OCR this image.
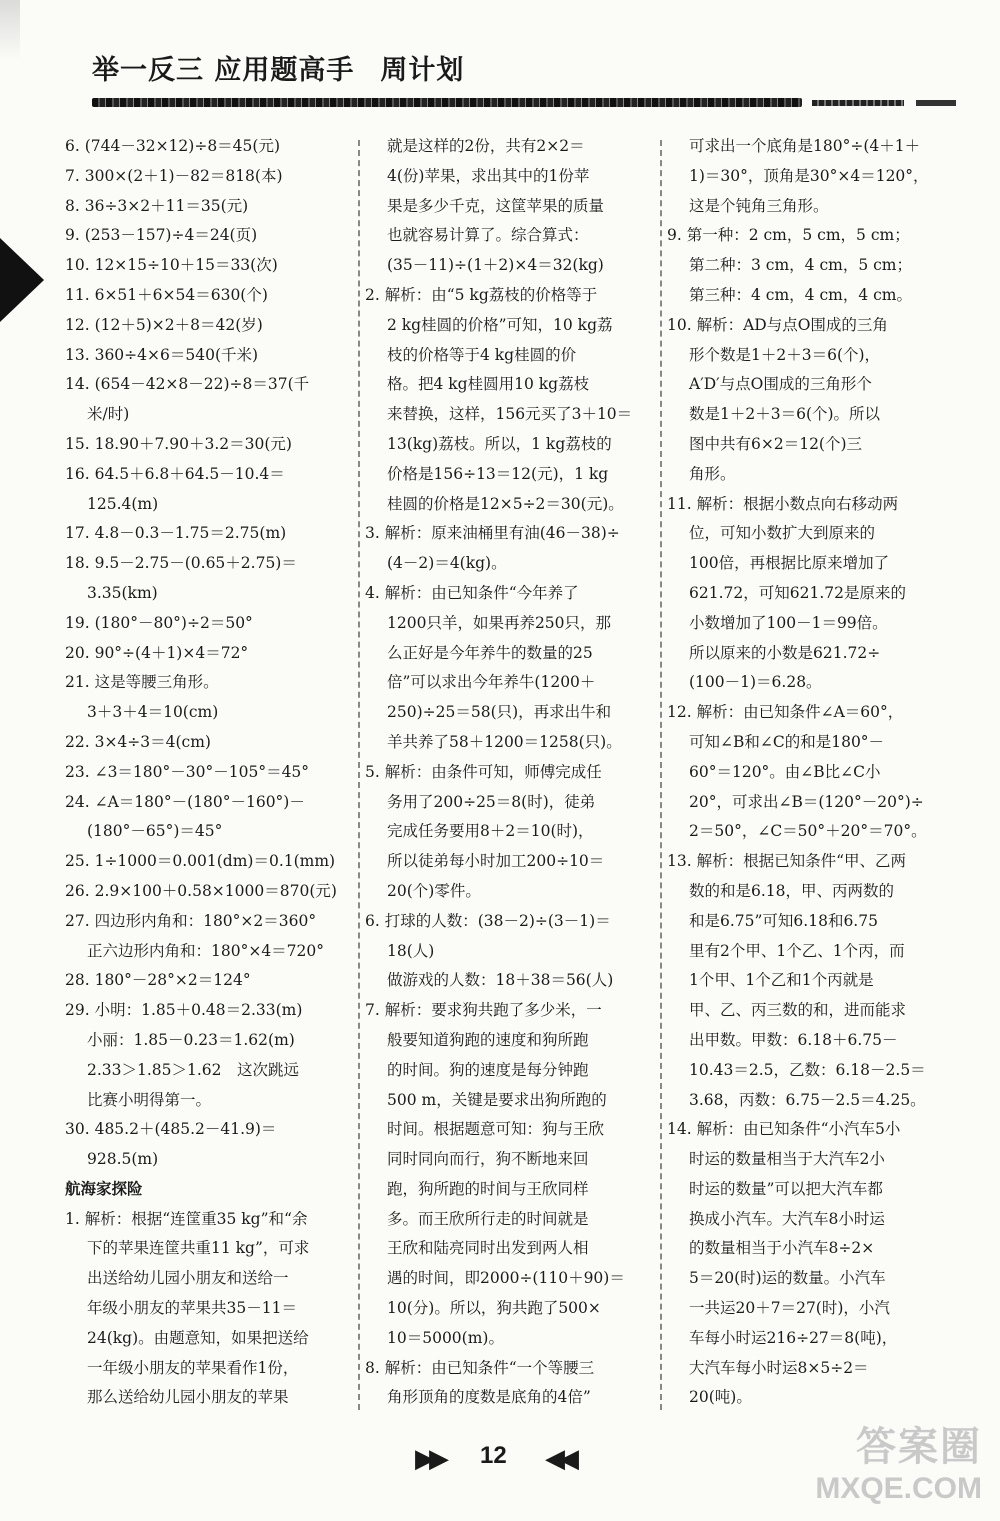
举一反三 应用题高手 周计划
6. (744－32×12)÷8＝45(元)
7. 300×(2＋1)－82＝818(本)
8. 36÷3×2＋11＝35(元)
9. (253－157)÷4＝24(页)
10. 12×15÷10＋15＝33(次)
11. 6×51＋6×54＝630(个)
12. (12＋5)×2＋8＝42(岁)
13. 360÷4×6＝540(千米)
14. (654－42×8－22)÷8＝37(千
米/时)
15. 18.90＋7.90＋3.2＝30(元)
16. 64.5＋6.8＋64.5－10.4＝
125.4(m)
17. 4.8－0.3－1.75＝2.75(m)
18. 9.5－2.75－(0.65＋2.75)＝
3.35(km)
19. (180°－80°)÷2＝50°
20. 90°÷(4＋1)×4＝72°
21. 这是等腰三角形。
3＋3＋4＝10(cm)
22. 3×4÷3＝4(cm)
23. ∠3＝180°－30°－105°＝45°
24. ∠A＝180°－(180°－160°)－
(180°－65°)＝45°
25. 1÷1000＝0.001(dm)＝0.1(mm)
26. 2.9×100＋0.58×1000＝870(元)
27. 四边形内角和：180°×2＝360°
正六边形内角和：180°×4＝720°
28. 180°－28°×2＝124°
29. 小明：1.85＋0.48＝2.33(m)
小丽：1.85－0.23＝1.62(m)
2.33＞1.85＞1.62　这次跳远
比赛小明得第一。
30. 485.2＋(485.2－41.9)＝
928.5(m)
航海家探险
1. 解析：根据“连筐重35 kg”和“余
下的苹果连筐共重11 kg”，可求
出送给幼儿园小朋友和送给一
年级小朋友的苹果共35－11＝
24(kg)。由题意知，如果把送给
一年级小朋友的苹果看作1份，
那么送给幼儿园小朋友的苹果
就是这样的2份，共有2×2＝
4(份)苹果，求出其中的1份苹
果是多少千克，这筐苹果的质量
也就容易计算了。综合算式：
(35－11)÷(1＋2)×4＝32(kg)
2. 解析：由“5 kg荔枝的价格等于
2 kg桂圆的价格”可知，10 kg荔
枝的价格等于4 kg桂圆的价
格。把4 kg桂圆用10 kg荔枝
来替换，这样，156元买了3＋10＝
13(kg)荔枝。所以，1 kg荔枝的
价格是156÷13＝12(元)，1 kg
桂圆的价格是12×5÷2＝30(元)。
3. 解析：原来油桶里有油(46－38)÷
(4－2)＝4(kg)。
4. 解析：由已知条件“今年养了
1200只羊，如果再养250只，那
么正好是今年养牛的数量的25
倍”可以求出今年养牛(1200＋
250)÷25＝58(只)，再求出牛和
羊共养了58＋1200＝1258(只)。
5. 解析：由条件可知，师傅完成任
务用了200÷25＝8(时)，徒弟
完成任务要用8＋2＝10(时)，
所以徒弟每小时加工200÷10＝
20(个)零件。
6. 打球的人数：(38－2)÷(3－1)＝
18(人)
做游戏的人数：18＋38＝56(人)
7. 解析：要求狗共跑了多少米，一
般要知道狗跑的速度和狗所跑
的时间。狗的速度是每分钟跑
500 m，关键是要求出狗所跑的
时间。根据题意可知：狗与王欣
同时同向而行，狗不断地来回
跑，狗所跑的时间与王欣同样
多。而王欣所行走的时间就是
王欣和陆亮同时出发到两人相
遇的时间，即2000÷(110＋90)＝
10(分)。所以，狗共跑了500×
10＝5000(m)。
8. 解析：由已知条件“一个等腰三
角形顶角的度数是底角的4倍”
可求出一个底角是180°÷(4＋1＋
1)＝30°，顶角是30°×4＝120°，
这是个钝角三角形。
9. 第一种：2 cm，5 cm，5 cm；
第二种：3 cm，4 cm，5 cm；
第三种：4 cm，4 cm，4 cm。
10. 解析：AD与点O围成的三角
形个数是1＋2＋3＝6(个)，
A′D′与点O围成的三角形个
数是1＋2＋3＝6(个)。所以
图中共有6×2＝12(个)三
角形。
11. 解析：根据小数点向右移动两
位，可知小数扩大到原来的
100倍，再根据比原来增加了
621.72，可知621.72是原来的
小数增加了100－1＝99倍。
所以原来的小数是621.72÷
(100－1)＝6.28。
12. 解析：由已知条件∠A＝60°，
可知∠B和∠C的和是180°－
60°＝120°。由∠B比∠C小
20°，可求出∠B＝(120°－20°)÷
2＝50°，∠C＝50°＋20°＝70°。
13. 解析：根据已知条件“甲、乙两
数的和是6.18，甲、丙两数的
和是6.75”可知6.18和6.75
里有2个甲、1个乙、1个丙，而
1个甲、1个乙和1个丙就是
甲、乙、丙三数的和，进而能求
出甲数。甲数：6.18＋6.75－
10.43＝2.5，乙数：6.18－2.5＝
3.68，丙数：6.75－2.5＝4.25。
14. 解析：由已知条件“小汽车5小
时运的数量相当于大汽车2小
时运的数量”可以把大汽车都
换成小汽车。大汽车8小时运
的数量相当于小汽车8÷2×
5＝20(时)运的数量。小汽车
一共运20＋7＝27(时)，小汽
车每小时运216÷27＝8(吨)，
大汽车每小时运8×5÷2＝
20(吨)。
▶▶ 12 ◀◀	答案圈
MXQE.COM
